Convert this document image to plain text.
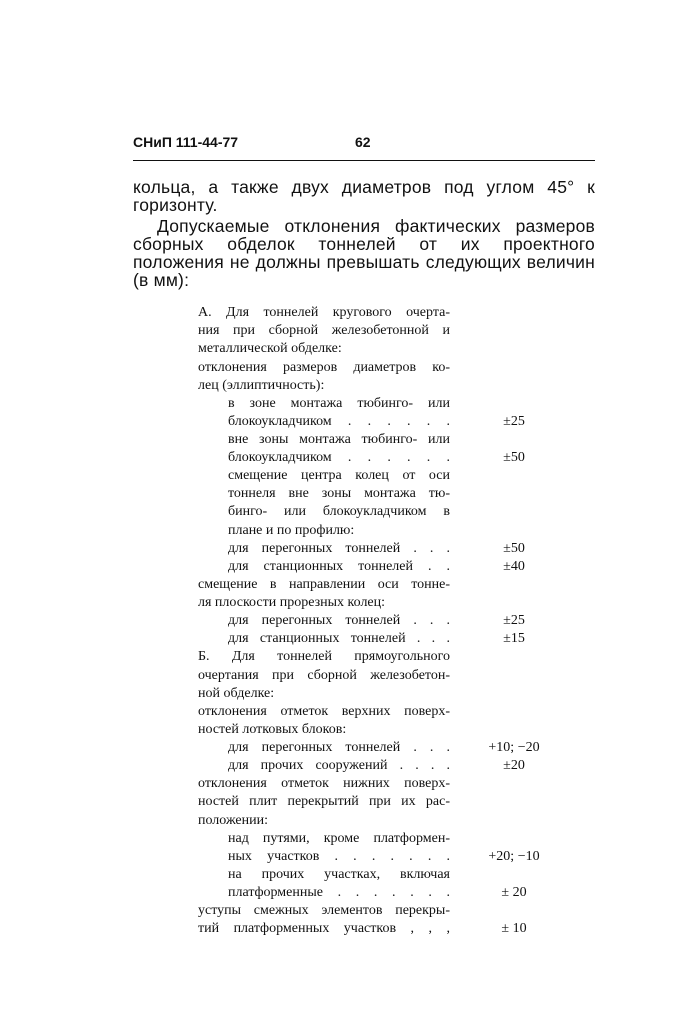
СНиП 111-44-77	62

кольца, а также двух диаметров под углом 45° к горизонту.

Допускаемые отклонения фактических размеров сборных обделок тоннелей от их проектного положения не должны превышать следующих величин (в мм):

А. Для тоннелей кругового очерта-
ния при сборной железобетонной и
металлической обделке:
отклонения размеров диаметров ко-
лец (эллиптичность):
в зоне монтажа тюбинго- или
блокоукладчиком . . . . . .	±25
вне зоны монтажа тюбинго- или
блокоукладчиком . . . . . .	±50
смещение центра колец от оси
тоннеля вне зоны монтажа тю-
бинго- или блокоукладчиком в
плане и по профилю:
для перегонных тоннелей . . .	±50
для станционных тоннелей . .	±40
смещение в направлении оси тонне-
ля плоскости прорезных колец:
для перегонных тоннелей . . .	±25
для станционных тоннелей . . .	±15
Б. Для тоннелей прямоугольного
очертания при сборной железобетон-
ной обделке:
отклонения отметок верхних поверх-
ностей лотковых блоков:
для перегонных тоннелей . . .	+10; −20
для прочих сооружений . . . .	±20
отклонения отметок нижних поверх-
ностей плит перекрытий при их рас-
положении:
над путями, кроме платформен-
ных участков . . . . . . .	+20; −10
на прочих участках, включая
платформенные . . . . . . .	± 20
уступы смежных элементов перекры-
тий платформенных участков , , ,	± 10
